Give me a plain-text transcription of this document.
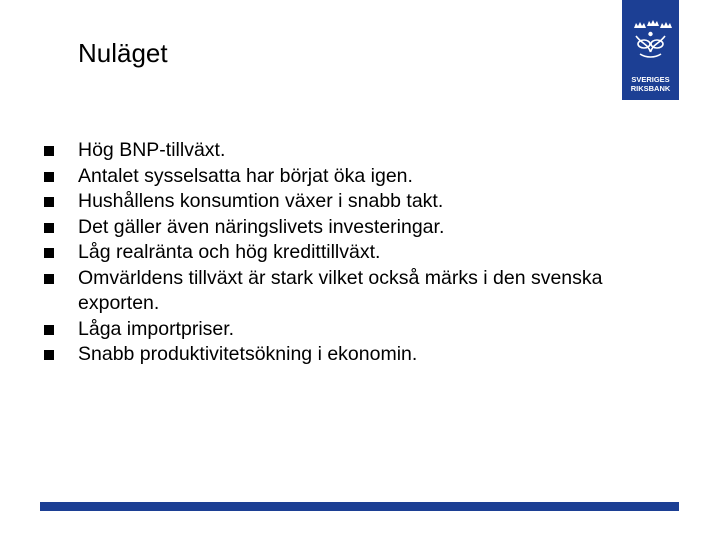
SVERIGES
RIKSBANK
Nuläget
Hög BNP-tillväxt.
Antalet sysselsatta har börjat öka igen.
Hushållens konsumtion växer i snabb takt.
Det gäller även näringslivets investeringar.
Låg realränta och hög kredittillväxt.
Omvärldens tillväxt är stark vilket också märks i den svenska exporten.
Låga importpriser.
Snabb produktivitetsökning i ekonomin.
